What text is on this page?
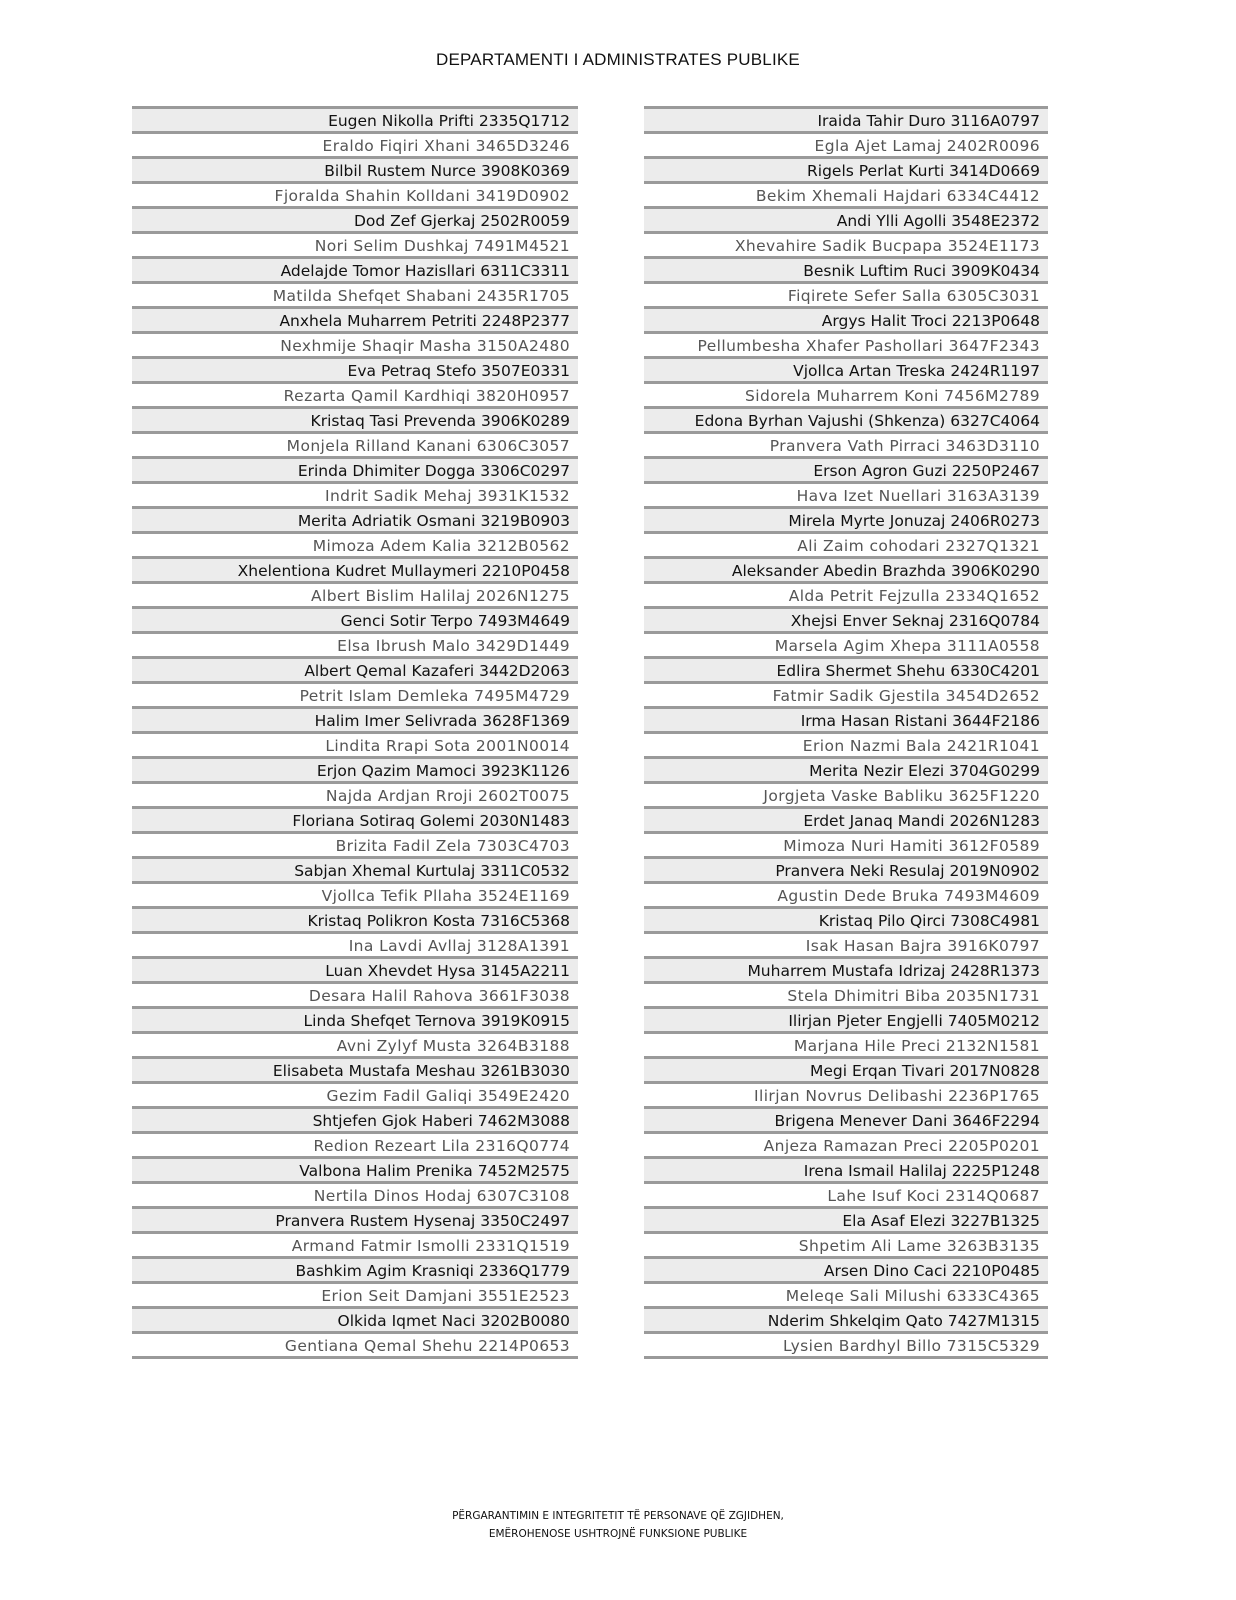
DEPARTAMENTI I ADMINISTRATES PUBLIKE
Eugen Nikolla Prifti 2335Q1712
Eraldo Fiqiri Xhani 3465D3246
Bilbil Rustem Nurce 3908K0369
Fjoralda Shahin Kolldani 3419D0902
Dod Zef Gjerkaj 2502R0059
Nori Selim Dushkaj 7491M4521
Adelajde Tomor Hazisllari 6311C3311
Matilda Shefqet Shabani 2435R1705
Anxhela Muharrem Petriti 2248P2377
Nexhmije Shaqir Masha 3150A2480
Eva Petraq Stefo 3507E0331
Rezarta Qamil Kardhiqi 3820H0957
Kristaq Tasi Prevenda 3906K0289
Monjela Rilland Kanani 6306C3057
Erinda Dhimiter Dogga 3306C0297
Indrit Sadik Mehaj 3931K1532
Merita Adriatik Osmani 3219B0903
Mimoza Adem Kalia 3212B0562
Xhelentiona Kudret Mullaymeri 2210P0458
Albert Bislim Halilaj 2026N1275
Genci Sotir Terpo 7493M4649
Elsa Ibrush Malo 3429D1449
Albert Qemal Kazaferi 3442D2063
Petrit Islam Demleka 7495M4729
Halim Imer Selivrada 3628F1369
Lindita Rrapi Sota 2001N0014
Erjon Qazim Mamoci 3923K1126
Najda Ardjan Rroji 2602T0075
Floriana Sotiraq Golemi 2030N1483
Brizita Fadil Zela 7303C4703
Sabjan Xhemal Kurtulaj 3311C0532
Vjollca Tefik Pllaha 3524E1169
Kristaq Polikron Kosta 7316C5368
Ina Lavdi Avllaj 3128A1391
Luan Xhevdet Hysa 3145A2211
Desara Halil Rahova 3661F3038
Linda Shefqet Ternova 3919K0915
Avni Zylyf Musta 3264B3188
Elisabeta Mustafa Meshau 3261B3030
Gezim Fadil Galiqi 3549E2420
Shtjefen Gjok Haberi 7462M3088
Redion Rezeart Lila 2316Q0774
Valbona Halim Prenika 7452M2575
Nertila Dinos Hodaj 6307C3108
Pranvera Rustem Hysenaj 3350C2497
Armand Fatmir Ismolli 2331Q1519
Bashkim Agim Krasniqi 2336Q1779
Erion Seit Damjani 3551E2523
Olkida Iqmet Naci 3202B0080
Gentiana Qemal Shehu 2214P0653
Iraida Tahir Duro 3116A0797
Egla Ajet Lamaj 2402R0096
Rigels Perlat Kurti 3414D0669
Bekim Xhemali Hajdari 6334C4412
Andi Ylli Agolli 3548E2372
Xhevahire Sadik Bucpapa 3524E1173
Besnik Luftim Ruci 3909K0434
Fiqirete Sefer Salla 6305C3031
Argys Halit Troci 2213P0648
Pellumbesha Xhafer Pashollari 3647F2343
Vjollca Artan Treska 2424R1197
Sidorela Muharrem Koni 7456M2789
Edona Byrhan Vajushi (Shkenza) 6327C4064
Pranvera Vath Pirraci 3463D3110
Erson Agron Guzi 2250P2467
Hava Izet Nuellari 3163A3139
Mirela Myrte Jonuzaj 2406R0273
Ali Zaim cohodari 2327Q1321
Aleksander Abedin Brazhda 3906K0290
Alda Petrit Fejzulla 2334Q1652
Xhejsi Enver Seknaj 2316Q0784
Marsela Agim Xhepa 3111A0558
Edlira Shermet Shehu 6330C4201
Fatmir Sadik Gjestila 3454D2652
Irma Hasan Ristani 3644F2186
Erion Nazmi Bala 2421R1041
Merita Nezir Elezi 3704G0299
Jorgjeta Vaske Babliku 3625F1220
Erdet Janaq Mandi 2026N1283
Mimoza Nuri Hamiti 3612F0589
Pranvera Neki Resulaj 2019N0902
Agustin Dede Bruka 7493M4609
Kristaq Pilo Qirci 7308C4981
Isak Hasan Bajra 3916K0797
Muharrem Mustafa Idrizaj 2428R1373
Stela Dhimitri Biba 2035N1731
Ilirjan Pjeter Engjelli 7405M0212
Marjana Hile Preci 2132N1581
Megi Erqan Tivari 2017N0828
Ilirjan Novrus Delibashi 2236P1765
Brigena Menever Dani 3646F2294
Anjeza Ramazan Preci 2205P0201
Irena Ismail Halilaj 2225P1248
Lahe Isuf Koci 2314Q0687
Ela Asaf Elezi 3227B1325
Shpetim Ali Lame 3263B3135
Arsen Dino Caci 2210P0485
Meleqe Sali Milushi 6333C4365
Nderim Shkelqim Qato 7427M1315
Lysien Bardhyl Billo 7315C5329
PËRGARANTIMIN E INTEGRITETIT TË PERSONAVE QË ZGJIDHEN,
EMËROHENOSE USHTROJNË FUNKSIONE PUBLIKE
